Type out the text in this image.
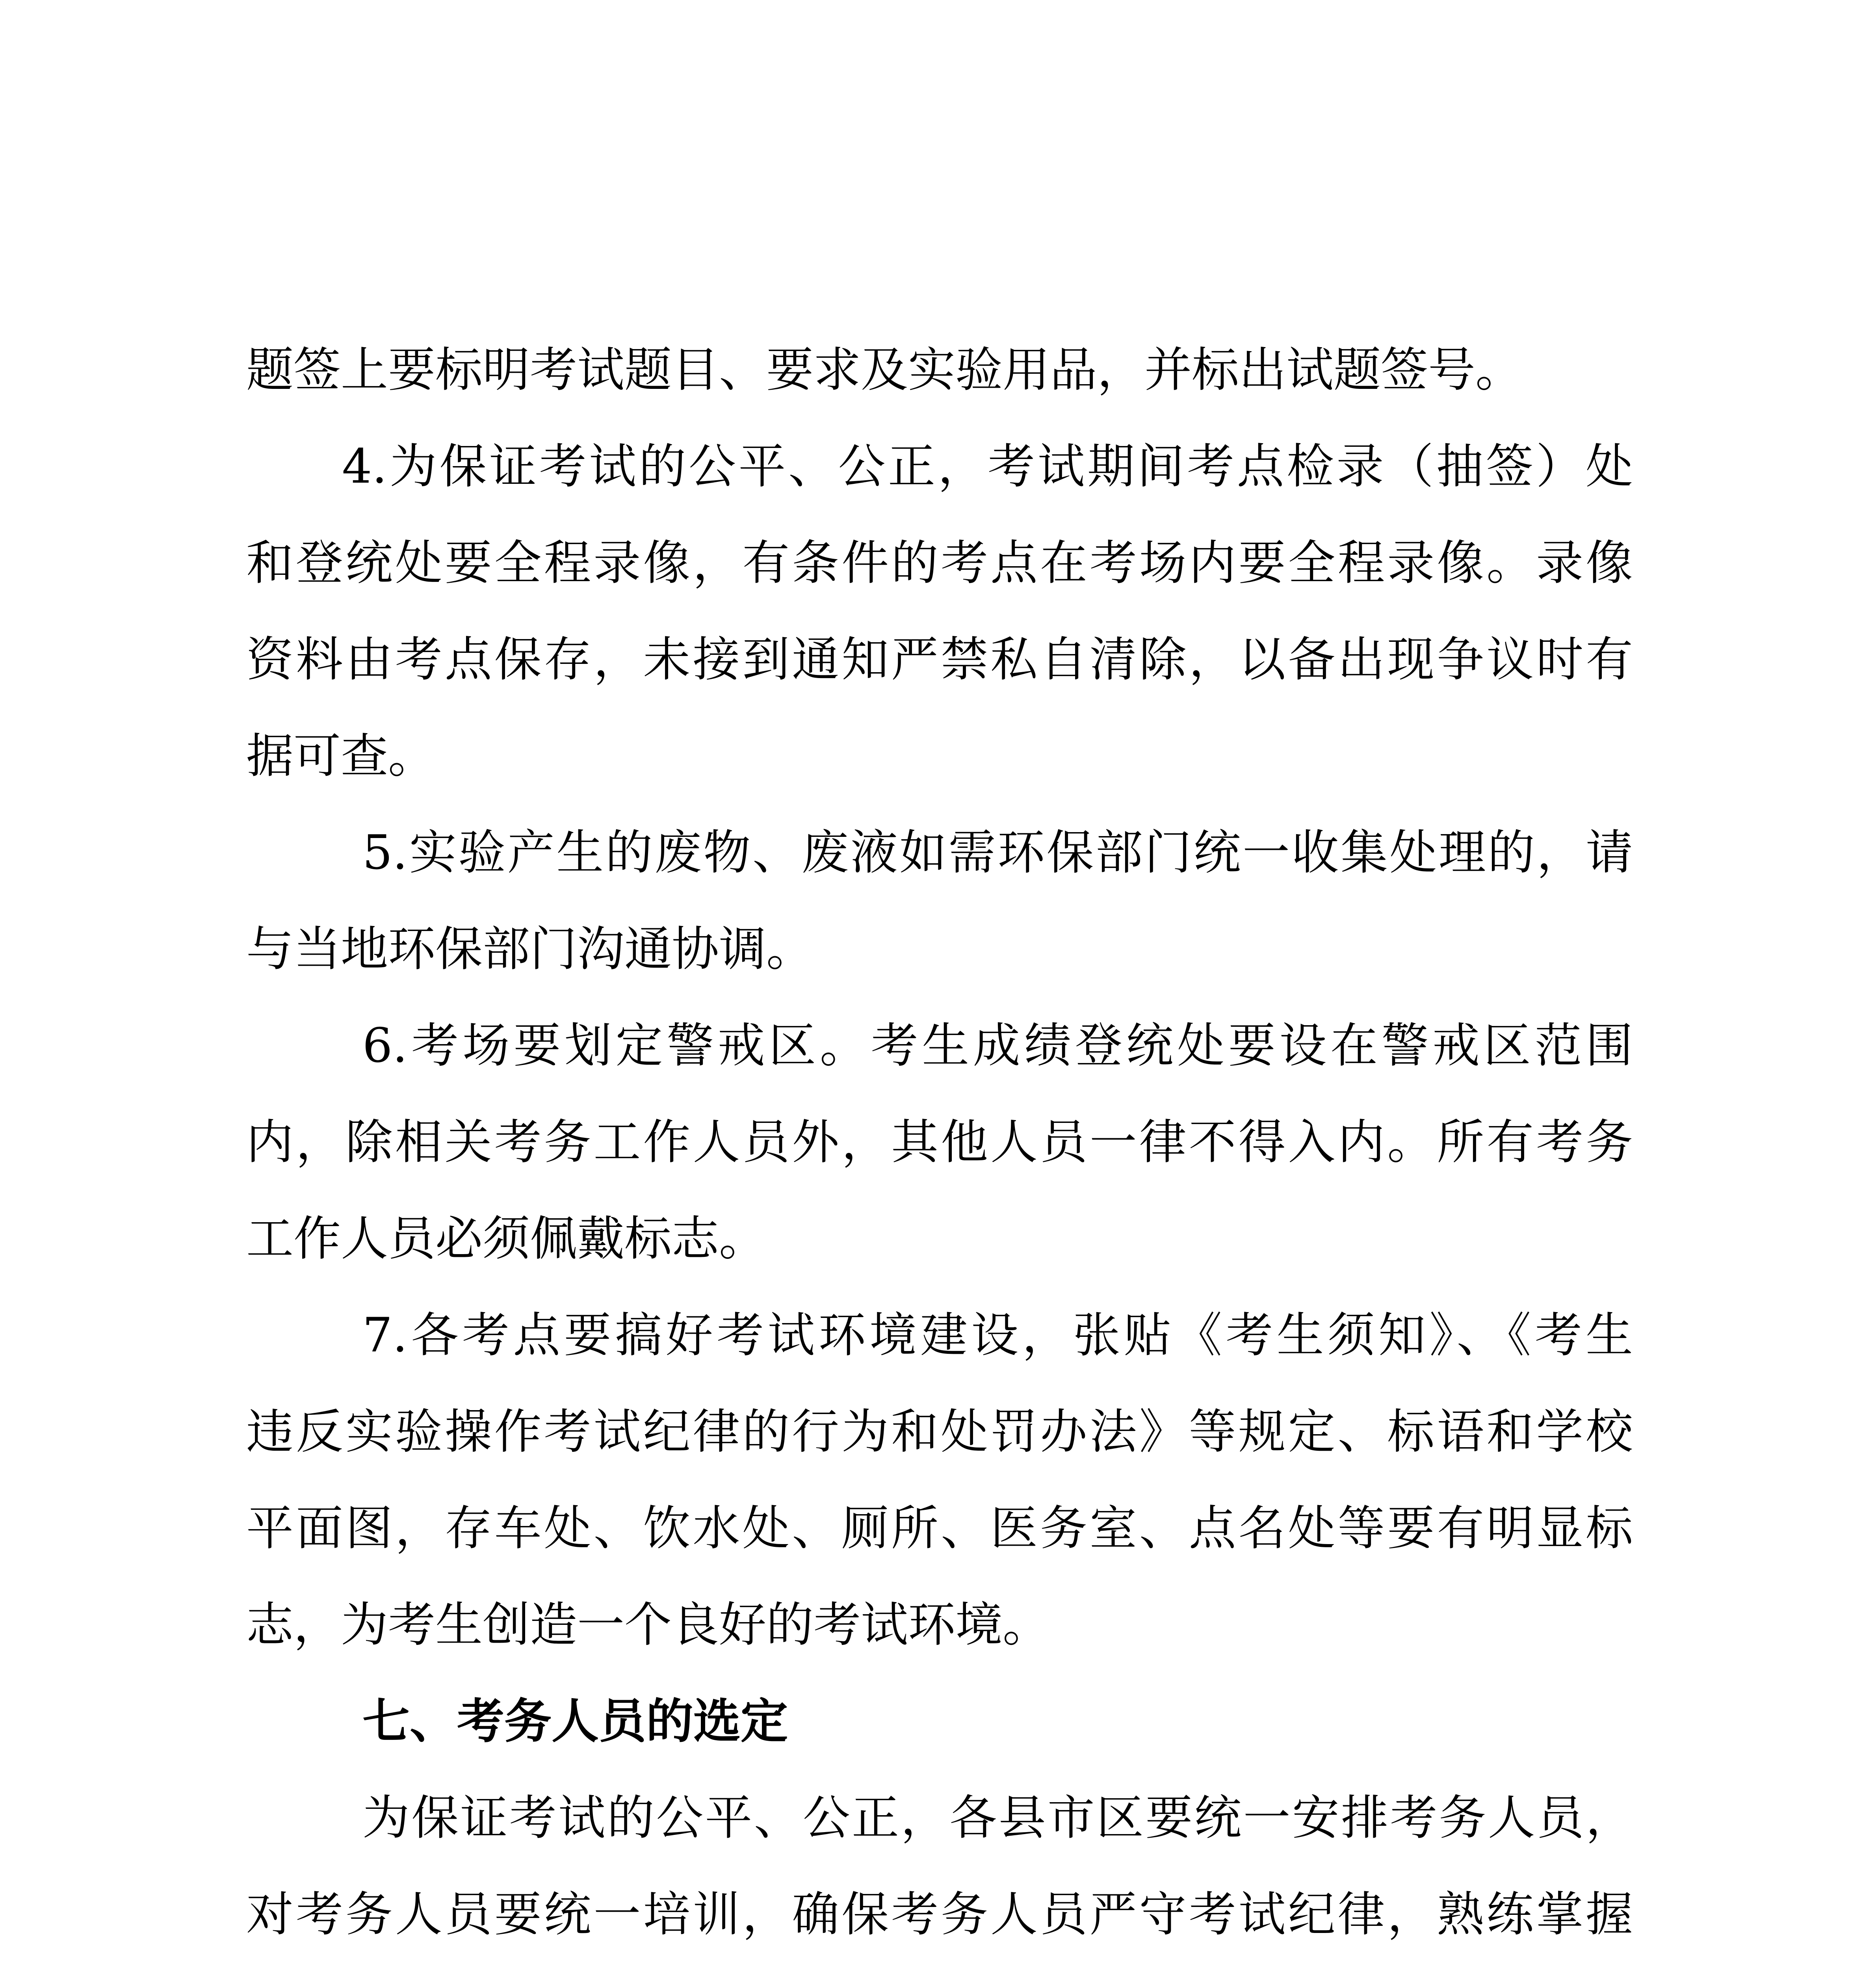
题签上要标明考试题目、要求及实验用品，并标出试题签号。
4.为保证考试的公平、公正，考试期间考点检录（抽签）处
和登统处要全程录像，有条件的考点在考场内要全程录像。录像
资料由考点保存，未接到通知严禁私自清除，以备出现争议时有
据可查。
5.实验产生的废物、废液如需环保部门统一收集处理的，请
与当地环保部门沟通协调。
6.考场要划定警戒区。考生成绩登统处要设在警戒区范围
内，除相关考务工作人员外，其他人员一律不得入内。所有考务
工作人员必须佩戴标志。
7.各考点要搞好考试环境建设，张贴《考生须知》、《考生
违反实验操作考试纪律的行为和处罚办法》等规定、标语和学校
平面图，存车处、饮水处、厕所、医务室、点名处等要有明显标
志，为考生创造一个良好的考试环境。
七、考务人员的选定
为保证考试的公平、公正，各县市区要统一安排考务人员，
对考务人员要统一培训，确保考务人员严守考试纪律，熟练掌握
